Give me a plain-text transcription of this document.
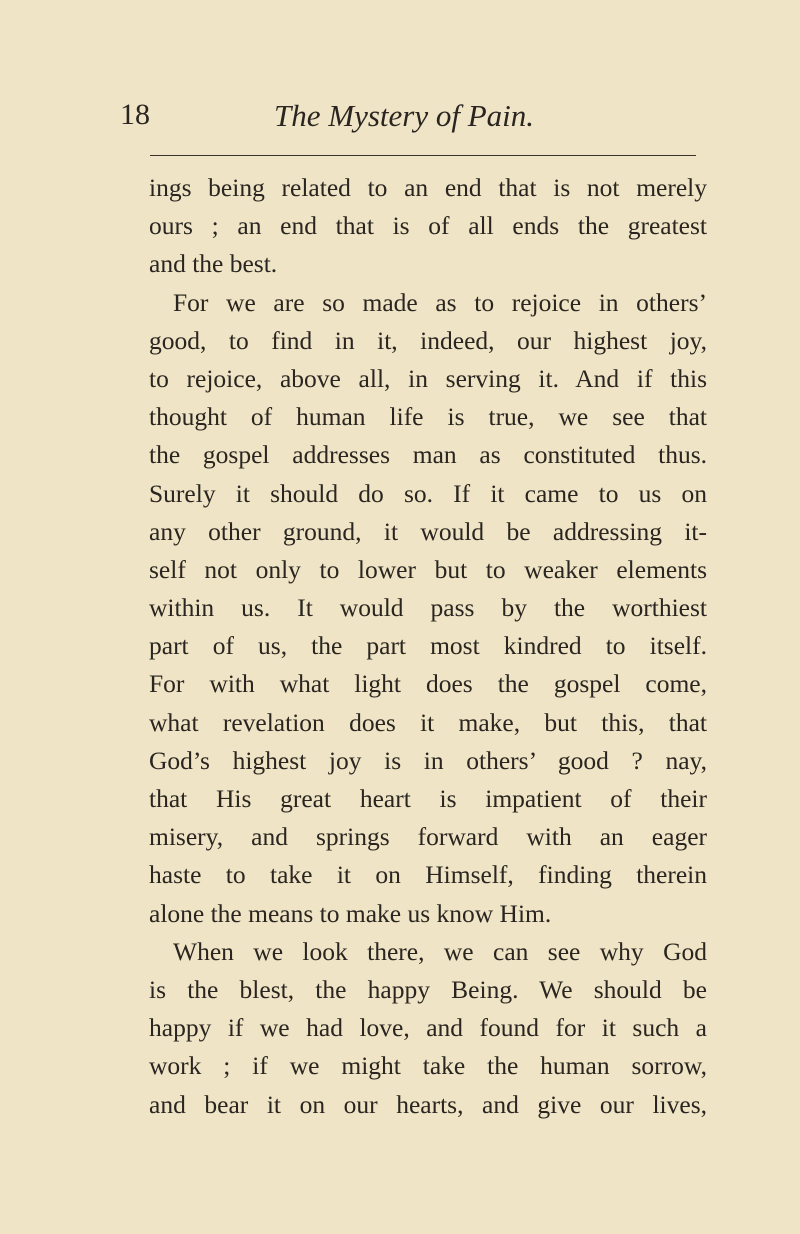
18	The Mystery of Pain.
ings being related to an end that is not merely
ours ; an end that is of all ends the greatest
and the best.
For we are so made as to rejoice in others’
good, to find in it, indeed, our highest joy,
to rejoice, above all, in serving it. And if this
thought of human life is true, we see that
the gospel addresses man as constituted thus.
Surely it should do so. If it came to us on
any other ground, it would be addressing it-
self not only to lower but to weaker elements
within us. It would pass by the worthiest
part of us, the part most kindred to itself.
For with what light does the gospel come,
what revelation does it make, but this, that
God’s highest joy is in others’ good ? nay,
that His great heart is impatient of their
misery, and springs forward with an eager
haste to take it on Himself, finding therein
alone the means to make us know Him.
When we look there, we can see why God
is the blest, the happy Being. We should be
happy if we had love, and found for it such a
work ; if we might take the human sorrow,
and bear it on our hearts, and give our lives,
